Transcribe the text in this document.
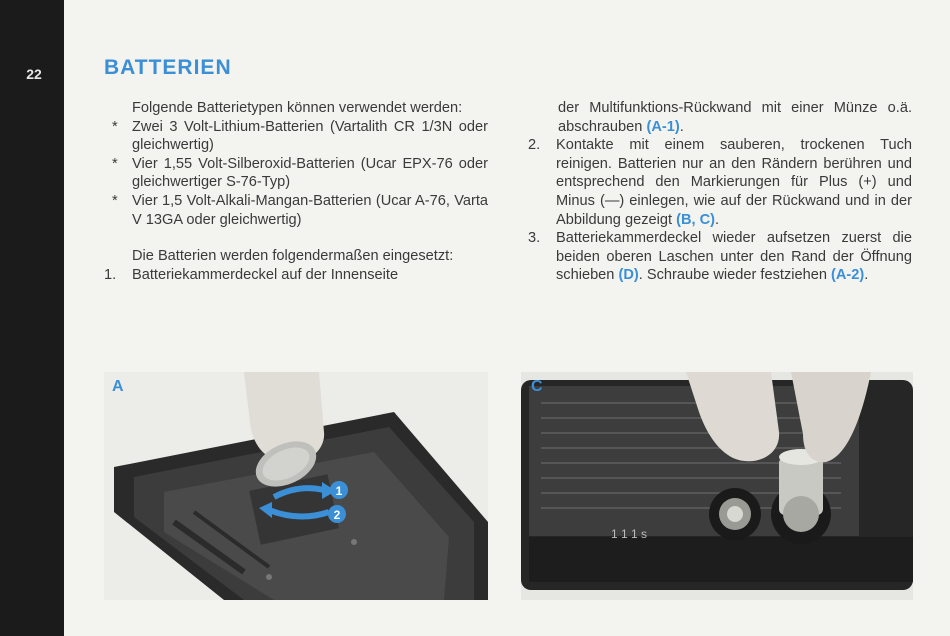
22	BATTERIEN
Folgende Batterietypen können verwendet werden:
* Zwei 3 Volt-Lithium-Batterien (Vartalith CR 1/3N oder gleichwertig)
* Vier 1,55 Volt-Silberoxid-Batterien (Ucar EPX-76 oder gleichwertiger S-76-Typ)
* Vier 1,5 Volt-Alkali-Mangan-Batterien (Ucar A-76, Varta V 13GA oder gleichwertig)
Die Batterien werden folgendermaßen eingesetzt:
1.	Batteriekammerdeckel auf der Innenseite
der Multifunktions-Rückwand mit einer Münze o.ä. abschrauben (A-1).
2.	Kontakte mit einem sauberen, trockenen Tuch reinigen. Batterien nur an den Rändern berühren und entsprechend den Markierungen für Plus (+) und Minus (—) einlegen, wie auf der Rückwand und in der Abbildung gezeigt (B, C).
3.	Batteriekammerdeckel wieder aufsetzen zuerst die beiden oberen Laschen unter den Rand der Öffnung schieben (D). Schraube wieder festziehen (A-2).
1
2
A
1 1 1 s
C
